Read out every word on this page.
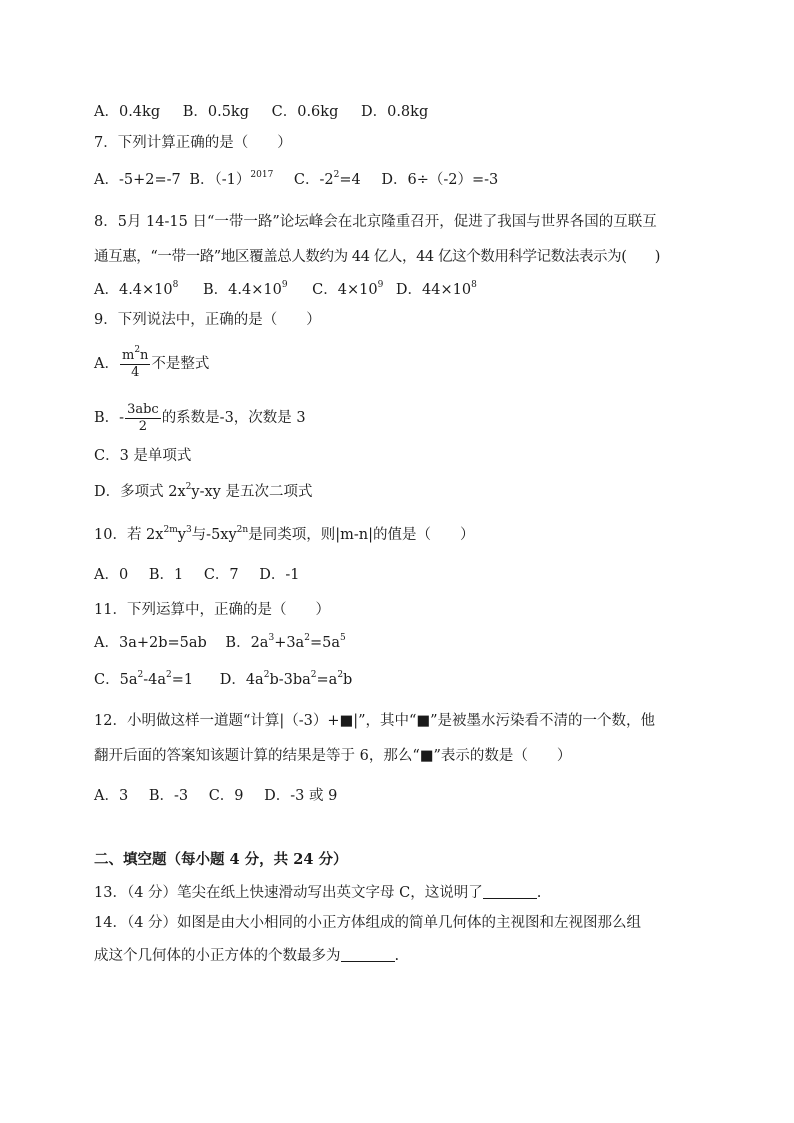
A．0.4kg B．0.5kg C．0.6kg D．0.8kg
7．下列计算正确的是（　　）
A．-5+2=-7 B．$(-1)^{2017}$ C．$-2^2=4$ D．6÷（-2）=-3
8．5月 14-15 日“一带一路”论坛峰会在北京隆重召开，促进了我国与世界各国的互联互
通互惠，“一带一路”地区覆盖总人数约为 44 亿人，44 亿这个数用科学记数法表示为(　　)
A．$4.4\times 10^8$ B．$4.4\times 10^9$ C．$4\times 10^9$ D．$44\times 10^8$
9．下列说法中，正确的是（　　）
A． $\frac{m^2n}{4}$ 不是整式
B．- $\frac{\text{3abc}}{2}$ 的系数是-3，次数是 3
C．3 是单项式
D．多项式 $2x^2y-xy$ 是五次二项式
10．若 $2x^{2m}y^3$与$-5xy^{2n}$是同类项，则|m-n|的值是（　　）
A．0 B．1 C．7 D．-1
11．下列运算中，正确的是（　　）
A．3a+2b=5ab B．$2a^3+3a^2=5a^5$
C．$5a^2-4a^2=1$ D．$4a^2b-3ba^2=a^2b$
12．小明做这样一道题“计算|（-3）+■|”，其中“■”是被墨水污染看不清的一个数，他
翻开后面的答案知该题计算的结果是等于 6，那么“■”表示的数是（　　）
A．3 B．-3 C．9 D．-3 或 9
二、填空题（每小题 4 分，共 24 分）
13．（4 分）笔尖在纸上快速滑动写出英文字母 C，这说明了	.
14．（4 分）如图是由大小相同的小正方体组成的简单几何体的主视图和左视图那么组
成这个几何体的小正方体的个数最多为	.
